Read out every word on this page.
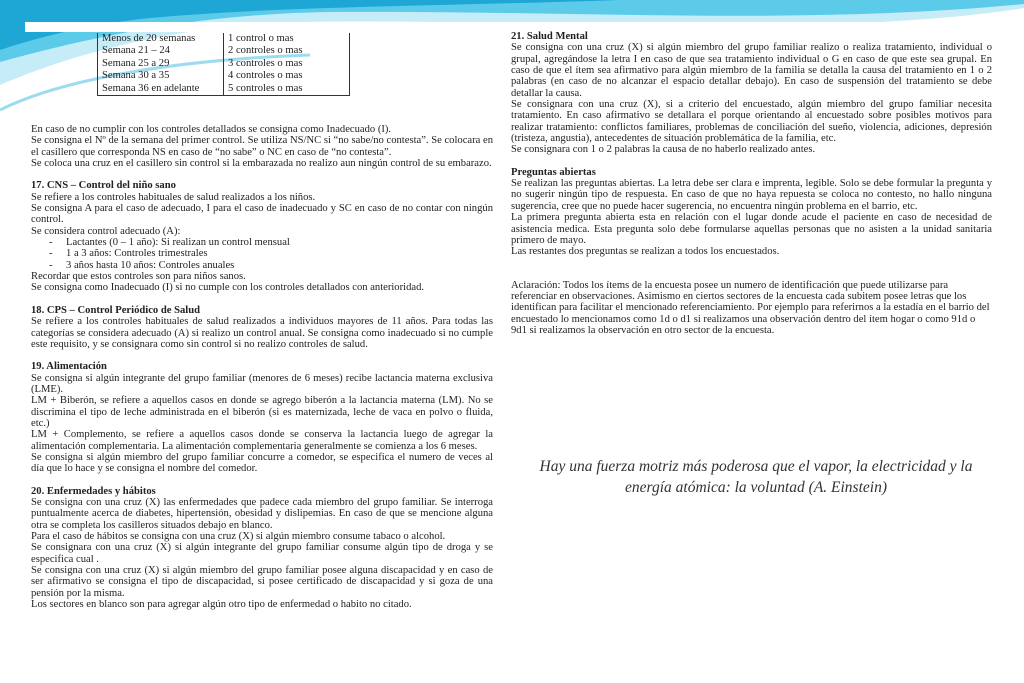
Menos de 20 semanas	1 control o mas
Semana 21 – 24	2 controles o mas
Semana 25 a 29	3 controles o mas
Semana 30 a 35	4 controles o mas
Semana 36 en adelante	5 controles o mas

En caso de no cumplir con los controles detallados se consigna como Inadecuado (I).

Se consigna el Nº de la semana del primer control. Se utiliza NS/NC si “no sabe/no contesta”. Se colocara en el casillero que corresponda NS en caso de “no sabe” o NC en caso de “no contesta”.

Se coloca una cruz en el casillero sin control si la embarazada no realizo aun ningún control de su embarazo.

17. CNS – Control del niño sano

Se refiere a los controles habituales de salud realizados a los niños.

Se consigna A para el caso de adecuado, I para el caso de inadecuado y SC en caso de no contar con ningún control.

Se considera control adecuado (A):

- Lactantes (0 – 1 año): Si realizan un control mensual
- 1 a 3 años: Controles trimestrales
- 3 años hasta 10 años: Controles anuales

Recordar que estos controles son para niños sanos.

Se consigna como Inadecuado (I) si no cumple con los controles detallados con anterioridad.

18. CPS – Control Periódico de Salud

Se refiere a los controles habituales de salud realizados a individuos mayores de 11 años. Para todas las categorías se considera adecuado (A) si realizo un control anual. Se consigna como inadecuado si no cumple este requisito, y se consignara como sin control si no realizo controles de salud.

19. Alimentación

Se consigna si algún integrante del grupo familiar (menores de 6 meses) recibe lactancia materna exclusiva (LME).

LM + Biberón, se refiere a aquellos casos en donde se agrego biberón a la lactancia materna (LM). No se discrimina el tipo de leche administrada en el biberón (si es maternizada, leche de vaca en polvo o fluida, etc.)

LM + Complemento, se refiere a aquellos casos donde se conserva la lactancia luego de agregar la alimentación complementaria. La alimentación complementaria generalmente se comienza a los 6 meses.

Se consigna si algún miembro del grupo familiar concurre a comedor, se especifica el numero de veces al día que lo hace y se consigna el nombre del comedor.

20. Enfermedades y hábitos

Se consigna con una cruz (X) las enfermedades que padece cada miembro del grupo familiar. Se interroga puntualmente acerca de diabetes, hipertensión, obesidad y dislipemias. En caso de que se mencione alguna otra se completa los casilleros situados debajo en blanco.

Para el caso de hábitos se consigna con una cruz (X) si algún miembro consume tabaco o alcohol.

Se consignara con una cruz (X) si algún integrante del grupo familiar consume algún tipo de droga y se especifica cual .

Se consigna con una cruz (X) si algún miembro del grupo familiar posee alguna discapacidad y en caso de ser afirmativo se consigna el tipo de discapacidad, si posee certificado de discapacidad y si goza de una pensión por la misma.

Los sectores en blanco son para agregar algún otro tipo de enfermedad o habito no citado.

21. Salud Mental

Se consigna con una cruz (X) si algún miembro del grupo familiar realizo o realiza tratamiento, individual o grupal, agregándose la letra I en caso de que sea tratamiento individual o G en caso de que este sea grupal. En caso de que el ítem sea afirmativo para algún miembro de la familia se detalla la causa del tratamiento en 1 o 2 palabras (en caso de no alcanzar el espacio detallar debajo). En caso de suspensión del tratamiento se debe detallar la causa.

Se consignara con una cruz (X), si a criterio del encuestado, algún miembro del grupo familiar necesita tratamiento. En caso afirmativo se detallara el porque orientando al encuestado sobre posibles motivos para realizar tratamiento: conflictos familiares, problemas de conciliación del sueño, violencia, adiciones, depresión (tristeza, angustia), antecedentes de situación problemática de la familia, etc.

Se consignara con 1 o 2 palabras la causa de no haberlo realizado antes.

Preguntas abiertas

Se realizan las preguntas abiertas. La letra debe ser clara e imprenta, legible. Solo se debe formular la pregunta y no sugerir ningún tipo de respuesta. En caso de que no haya repuesta se coloca no contesto, no hallo ninguna sugerencia, cree que no puede hacer sugerencia, no encuentra ningún problema en el barrio, etc.

La primera pregunta abierta esta en relación con el lugar donde acude el paciente en caso de necesidad de asistencia medica. Esta pregunta solo debe formularse aquellas personas que no asisten a la unidad sanitaria primero de mayo.

Las restantes dos preguntas se realizan a todos los encuestados.

Aclaración: Todos los ítems de la encuesta posee un numero de identificación que puede utilizarse para referenciar en observaciones. Asimismo en ciertos sectores de la encuesta cada subitem posee letras que los identifican para facilitar el mencionado referenciamiento. Por ejemplo para referirnos a la estadía en el barrio del encuestado lo mencionamos como 1d o d1 si realizamos una observación dentro del ítem hogar o como 91d o 9d1 si realizamos la observación en otro sector de la encuesta.

Hay una fuerza motriz más poderosa que el vapor, la electricidad y la
energía atómica: la voluntad (A. Einstein)
